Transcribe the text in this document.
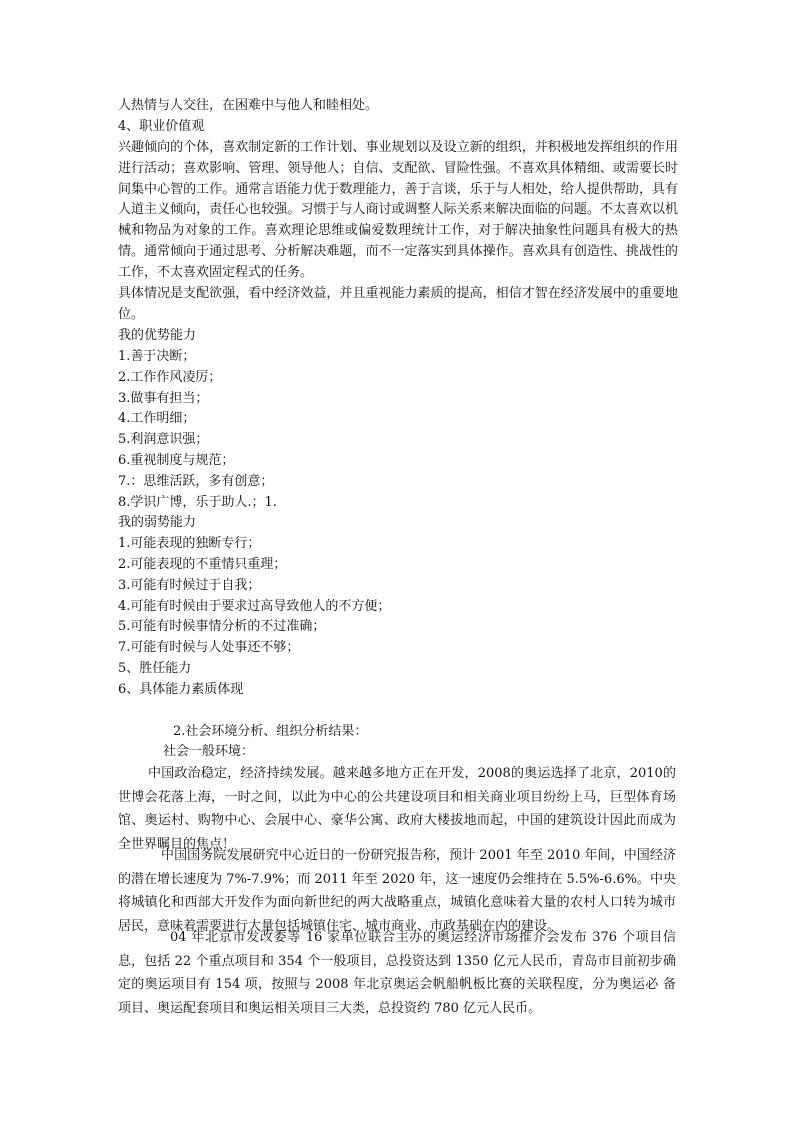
人热情与人交往，在困难中与他人和睦相处。

4、职业价值观

兴趣倾向的个体，喜欢制定新的工作计划、事业规划以及设立新的组织，并积极地发挥组织的作用进行活动；喜欢影响、管理、领导他人；自信、支配欲、冒险性强。不喜欢具体精细、或需要长时间集中心智的工作。通常言语能力优于数理能力，善于言谈，乐于与人相处，给人提供帮助，具有人道主义倾向，责任心也较强。习惯于与人商讨或调整人际关系来解决面临的问题。不太喜欢以机械和物品为对象的工作。喜欢理论思维或偏爱数理统计工作，对于解决抽象性问题具有极大的热情。通常倾向于通过思考、分析解决难题，而不一定落实到具体操作。喜欢具有创造性、挑战性的工作，不太喜欢固定程式的任务。

具体情况是支配欲强，看中经济效益，并且重视能力素质的提高，相信才智在经济发展中的重要地位。

我的优势能力

1.善于决断；

2.工作作风凌厉；

3.做事有担当；

4.工作明细；

5.利润意识强；

6.重视制度与规范；

7.：思维活跃，多有创意；

8.学识广博，乐于助人.；1.

我的弱势能力

1.可能表现的独断专行；

2.可能表现的不重情只重理；

3.可能有时候过于自我；

4.可能有时候由于要求过高导致他人的不方便；

5.可能有时候事情分析的不过准确；

7.可能有时候与人处事还不够；

5、胜任能力

6、具体能力素质体现

2.社会环境分析、组织分析结果：

社会一般环境：

中国政治稳定，经济持续发展。越来越多地方正在开发，2008的奥运选择了北京，2010的世博会花落上海，一时之间，以此为中心的公共建设项目和相关商业项目纷纷上马，巨型体育场馆、奥运村、购物中心、会展中心、豪华公寓、政府大楼拔地而起，中国的建筑设计因此而成为全世界瞩目的焦点！

中国国务院发展研究中心近日的一份研究报告称，预计 2001 年至 2010 年间，中国经济的潜在增长速度为 7%-7.9%；而 2011 年至 2020 年，这一速度仍会维持在 5.5%-6.6%。中央将城镇化和西部大开发作为面向新世纪的两大战略重点，城镇化意味着大量的农村人口转为城市居民，意味着需要进行大量包括城镇住宅、城市商业、市政基础在内的建设。

04 年北京市发改委等 16 家单位联合主办的奥运经济市场推介会发布 376 个项目信息，包括 22 个重点项目和 354 个一般项目，总投资达到 1350 亿元人民币，青岛市目前初步确定的奥运项目有 154 项，按照与 2008 年北京奥运会帆船帆板比赛的关联程度，分为奥运必 备项目、奥运配套项目和奥运相关项目三大类，总投资约 780 亿元人民币。
